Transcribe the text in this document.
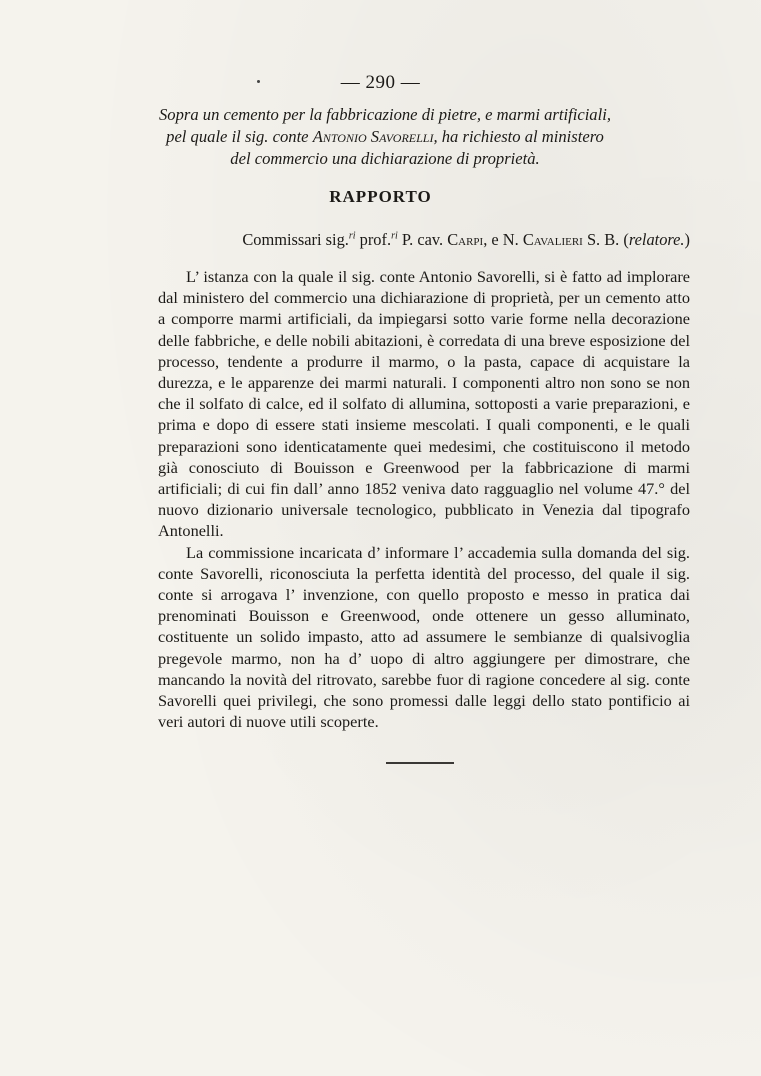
— 290 —
Sopra un cemento per la fabbricazione di pietre, e marmi artificiali,
pel quale il sig. conte Antonio Savorelli, ha richiesto al ministero
del commercio una dichiarazione di proprietà.
RAPPORTO
Commissari sig.$^{ri}$ prof.$^{ri}$ P. cav. Carpi, e N. Cavalieri S. B. (relatore.)

L’ istanza con la quale il sig. conte Antonio Savorelli, si è fatto ad implorare dal ministero del commercio una dichiarazione di proprietà, per un cemento atto a comporre marmi artificiali, da impiegarsi sotto varie forme nella decorazione delle fabbriche, e delle nobili abitazioni, è corredata di una breve esposizione del processo, tendente a produrre il marmo, o la pasta, capace di acquistare la durezza, e le apparenze dei marmi naturali. I componenti altro non sono se non che il solfato di calce, ed il solfato di allumina, sottoposti a varie preparazioni, e prima e dopo di essere stati insieme mescolati. I quali componenti, e le quali preparazioni sono identicatamente quei medesimi, che costituiscono il metodo già conosciuto di Bouisson e Greenwood per la fabbricazione di marmi artificiali; di cui fin dall’ anno 1852 veniva dato ragguaglio nel volume 47.° del nuovo dizionario universale tecnologico, pubblicato in Venezia dal tipografo Antonelli.

La commissione incaricata d’ informare l’ accademia sulla domanda del sig. conte Savorelli, riconosciuta la perfetta identità del processo, del quale il sig. conte si arrogava l’ invenzione, con quello proposto e messo in pratica dai prenominati Bouisson e Greenwood, onde ottenere un gesso alluminato, costituente un solido impasto, atto ad assumere le sembianze di qualsivoglia pregevole marmo, non ha d’ uopo di altro aggiungere per dimostrare, che mancando la novità del ritrovato, sarebbe fuor di ragione concedere al sig. conte Savorelli quei privilegi, che sono promessi dalle leggi dello stato pontificio ai veri autori di nuove utili scoperte.
